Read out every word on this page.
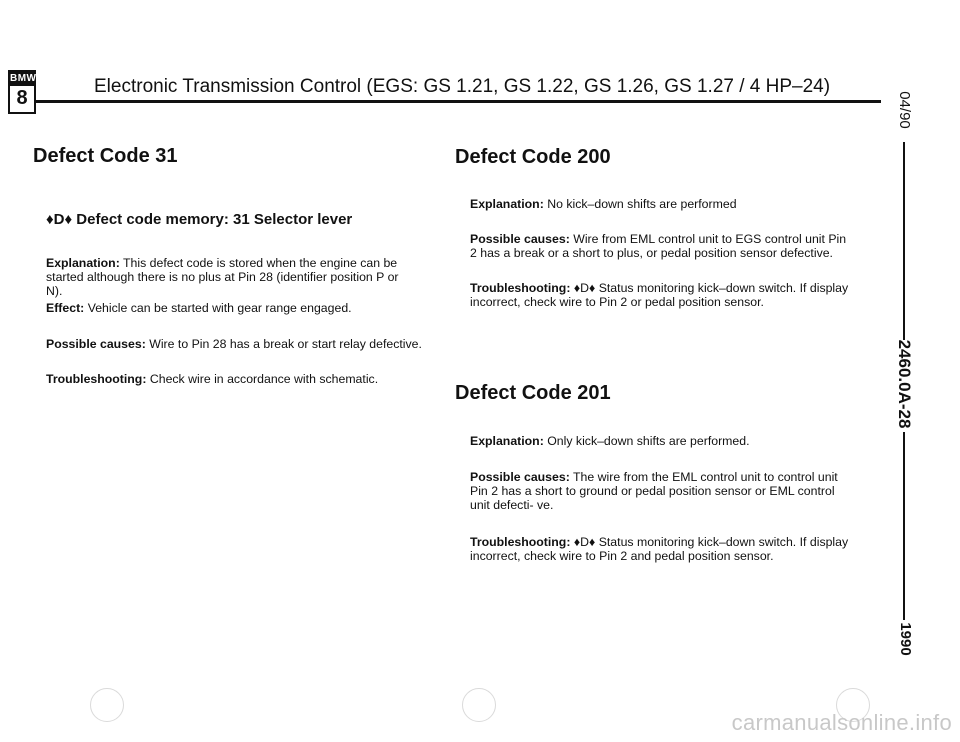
BMW
8
Electronic Transmission Control (EGS: GS 1.21, GS 1.22, GS 1.26, GS 1.27 / 4 HP–24)
04/90
2460.0A-28
1990
Defect Code 31
♦D♦ Defect code memory: 31 Selector lever
Explanation: This defect code is stored when the engine can be started although there is no plus at Pin 28 (identifier position P or N).
Effect: Vehicle can be started with gear range engaged.
Possible causes: Wire to Pin 28 has a break or start relay defective.
Troubleshooting: Check wire in accordance with schematic.
Defect Code 200
Explanation: No kick–down shifts are performed
Possible causes: Wire from EML control unit to EGS control unit Pin 2 has a break or a short to plus, or pedal position sensor defective.
Troubleshooting: ♦D♦ Status monitoring kick–down switch. If display incorrect, check wire to Pin 2 or pedal position sensor.
Defect Code 201
Explanation: Only kick–down shifts are performed.
Possible causes: The wire from the EML control unit to control unit Pin 2 has a short to ground or pedal position sensor or EML control unit defecti- ve.
Troubleshooting: ♦D♦ Status monitoring kick–down switch. If display incorrect, check wire to Pin 2 and pedal position sensor.
carmanualsonline.info
